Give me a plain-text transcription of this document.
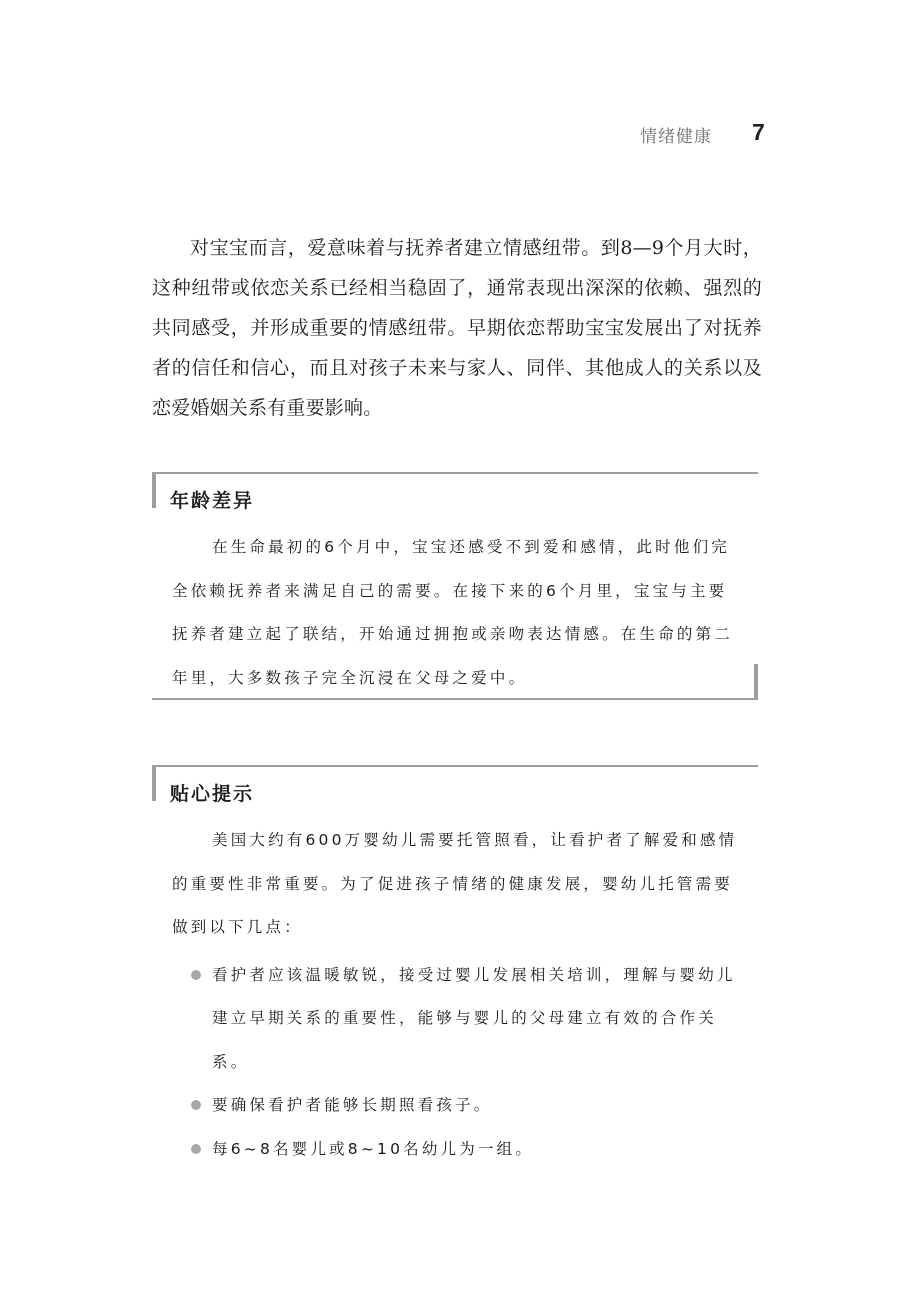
情绪健康 7

对宝宝而言，爱意味着与抚养者建立情感纽带。到8—9个月大时，这种纽带或依恋关系已经相当稳固了，通常表现出深深的依赖、强烈的共同感受，并形成重要的情感纽带。早期依恋帮助宝宝发展出了对抚养者的信任和信心，而且对孩子未来与家人、同伴、其他成人的关系以及恋爱婚姻关系有重要影响。

年龄差异

在生命最初的6个月中，宝宝还感受不到爱和感情，此时他们完全依赖抚养者来满足自己的需要。在接下来的6个月里，宝宝与主要抚养者建立起了联结，开始通过拥抱或亲吻表达情感。在生命的第二年里，大多数孩子完全沉浸在父母之爱中。

贴心提示

美国大约有600万婴幼儿需要托管照看，让看护者了解爱和感情的重要性非常重要。为了促进孩子情绪的健康发展，婴幼儿托管需要做到以下几点：

看护者应该温暖敏锐，接受过婴儿发展相关培训，理解与婴幼儿建立早期关系的重要性，能够与婴儿的父母建立有效的合作关系。
要确保看护者能够长期照看孩子。
每6~8名婴儿或8~10名幼儿为一组。
